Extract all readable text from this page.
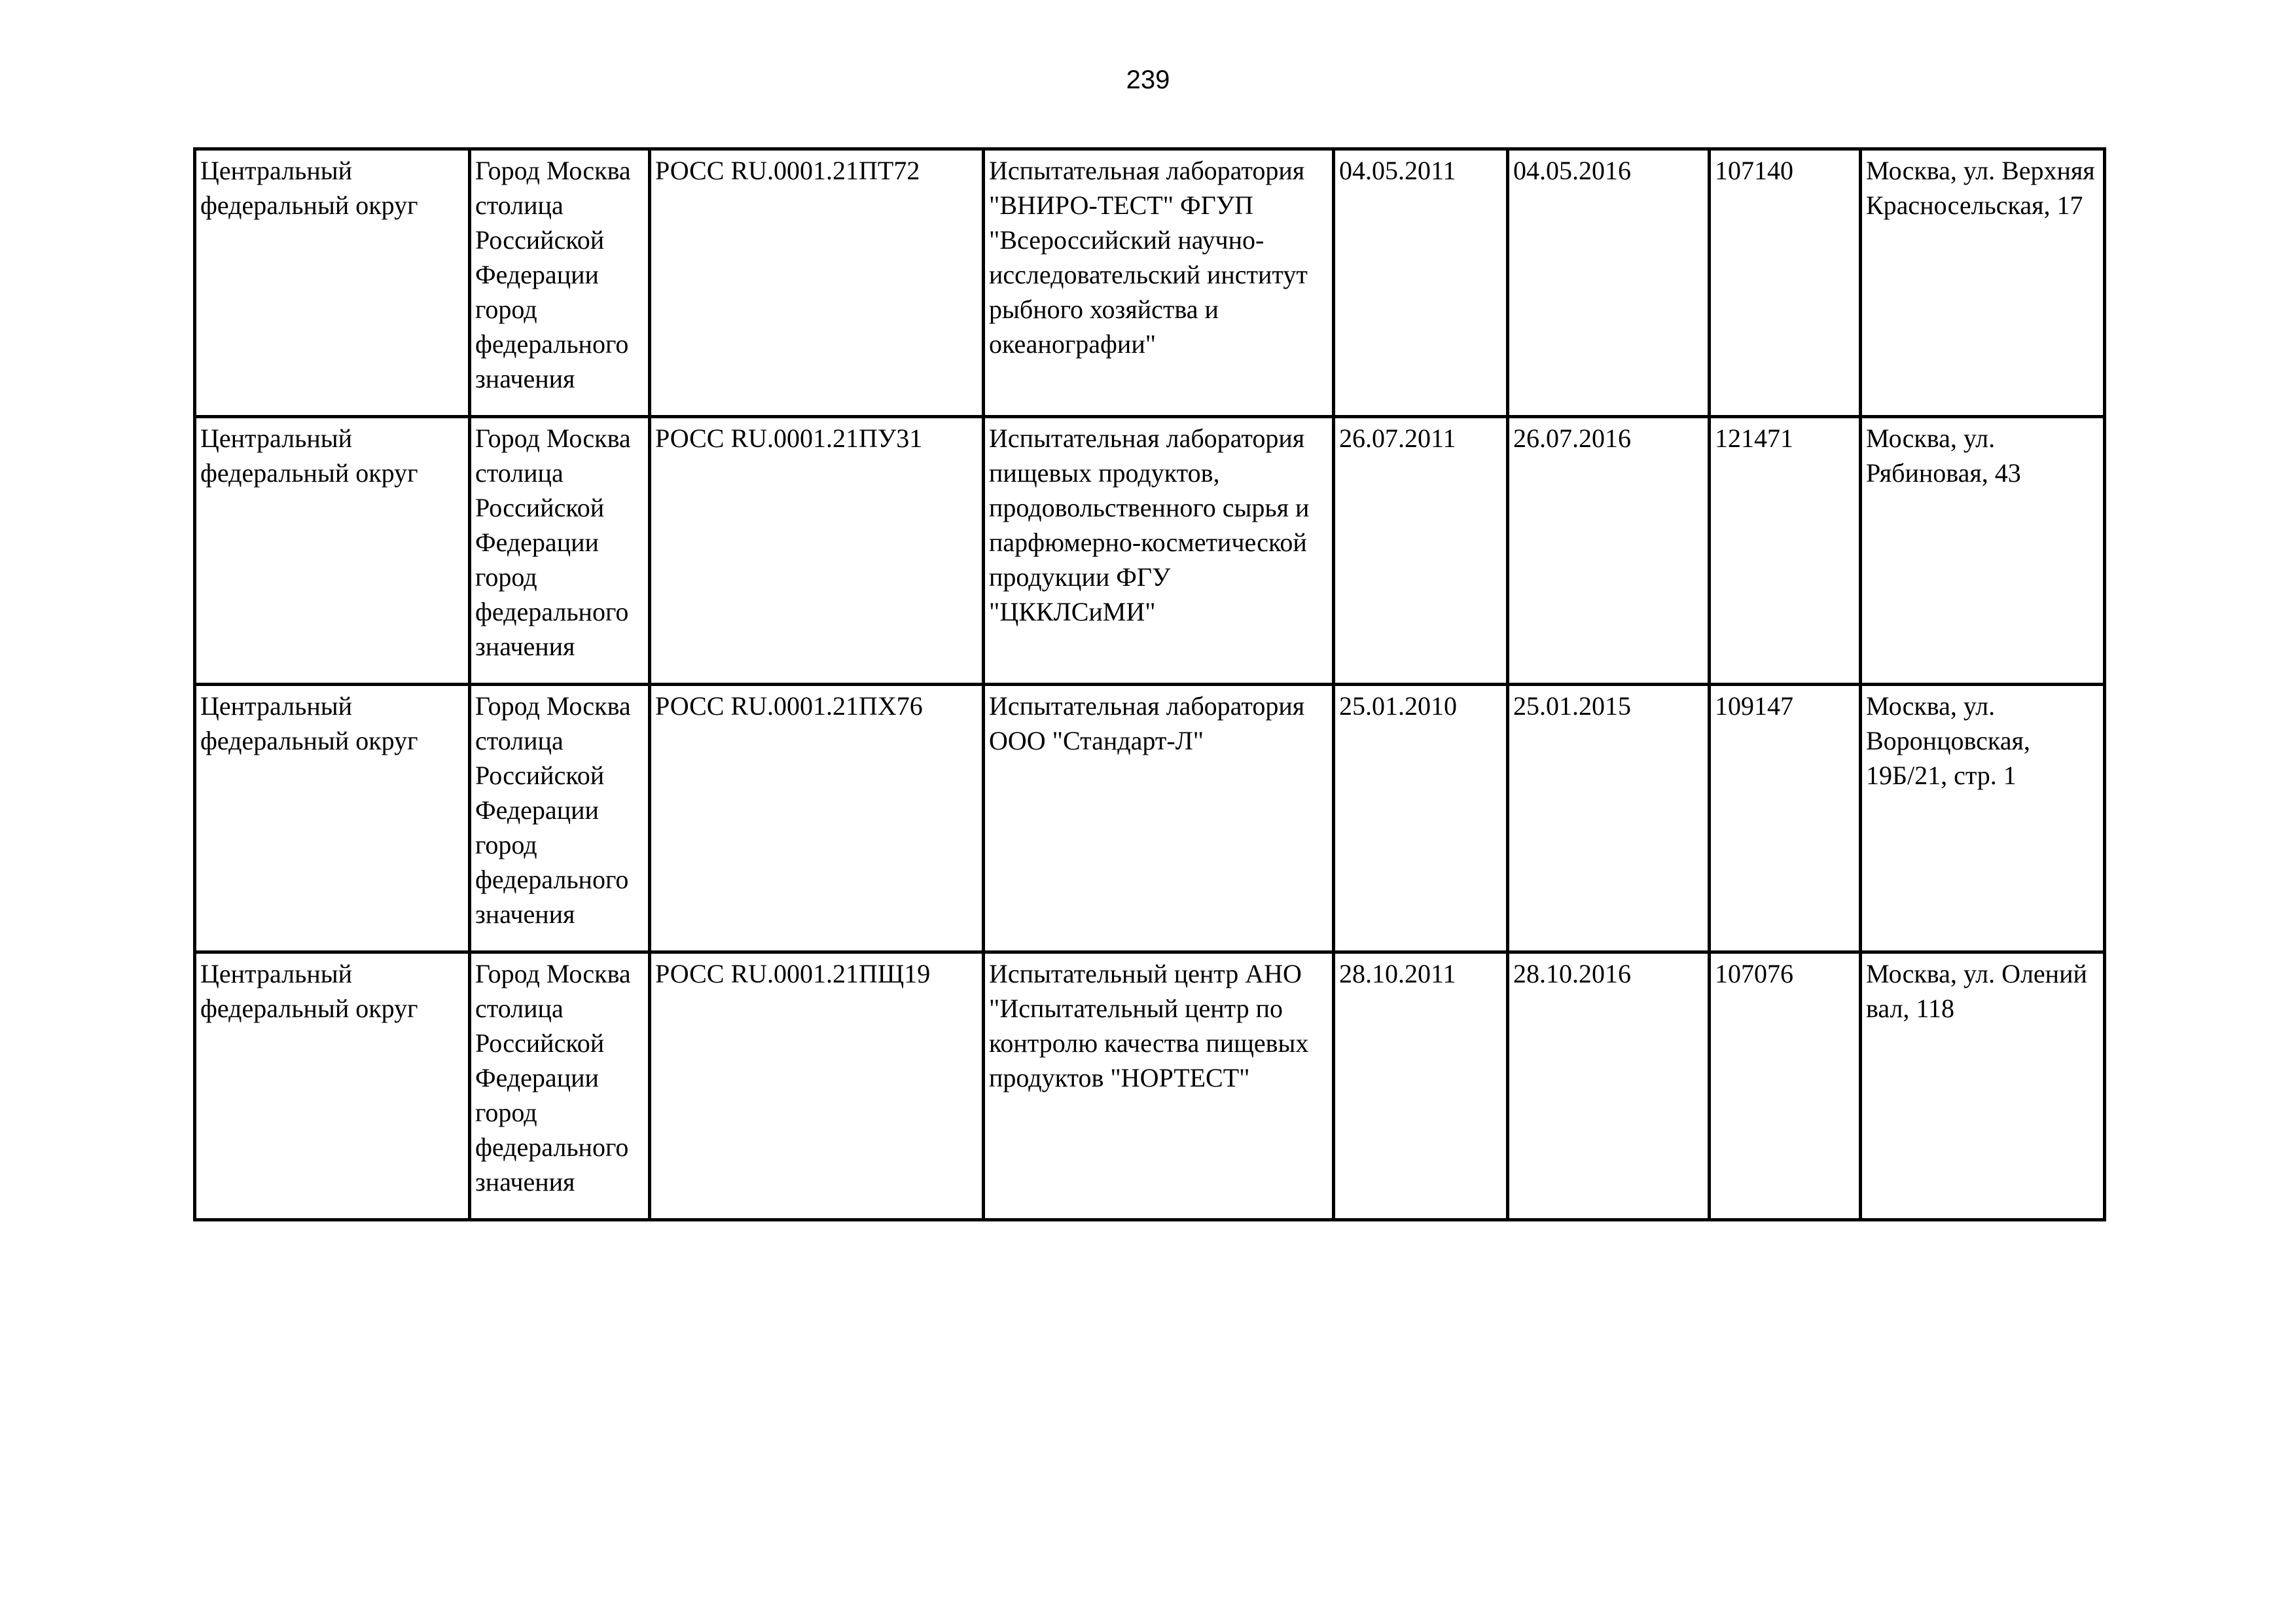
239
Центральный федеральный округ	Город Москва столица Российской Федерации город федерального значения	РОСС RU.0001.21ПТ72	Испытательная лаборатория "ВНИРО-ТЕСТ" ФГУП "Всероссийский научно-исследовательский институт рыбного хозяйства и океанографии"	04.05.2011	04.05.2016	107140	Москва, ул. Верхняя Красносельская, 17

Центральный федеральный округ	Город Москва столица Российской Федерации город федерального значения	РОСС RU.0001.21ПУ31	Испытательная лаборатория пищевых продуктов, продовольственного сырья и парфюмерно-косметической продукции ФГУ "ЦККЛСиМИ"	26.07.2011	26.07.2016	121471	Москва, ул. Рябиновая, 43

Центральный федеральный округ	Город Москва столица Российской Федерации город федерального значения	РОСС RU.0001.21ПХ76	Испытательная лаборатория ООО "Стандарт-Л"	25.01.2010	25.01.2015	109147	Москва, ул. Воронцовская, 19Б/21, стр. 1

Центральный федеральный округ	Город Москва столица Российской Федерации город федерального значения	РОСС RU.0001.21ПЩ19	Испытательный центр АНО "Испытательный центр по контролю качества пищевых продуктов "НОРТЕСТ"	28.10.2011	28.10.2016	107076	Москва, ул. Олений вал, 118
